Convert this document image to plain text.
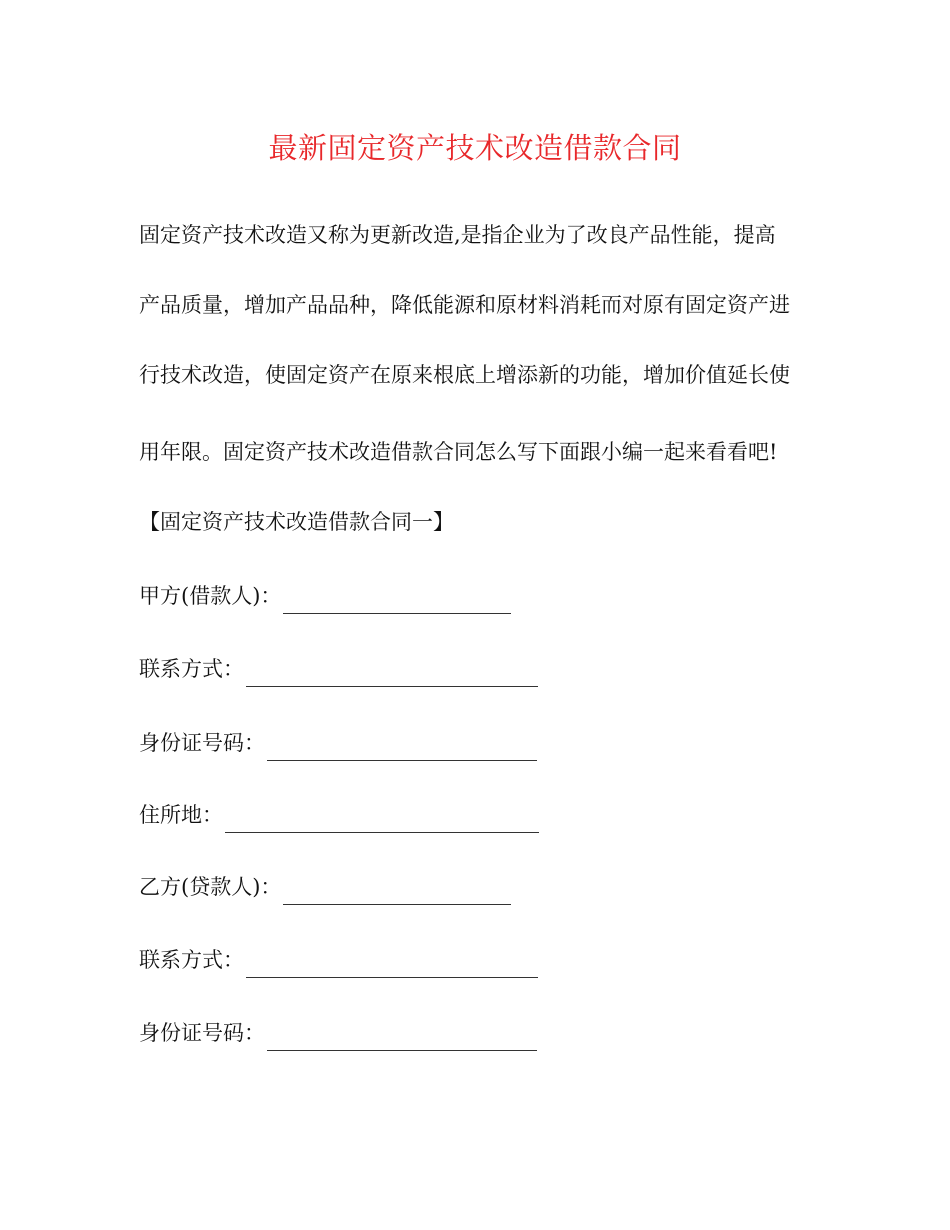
最新固定资产技术改造借款合同
固定资产技术改造又称为更新改造,是指企业为了改良产品性能，提高
产品质量，增加产品品种，降低能源和原材料消耗而对原有固定资产进
行技术改造，使固定资产在原来根底上增添新的功能，增加价值延长使
用年限。固定资产技术改造借款合同怎么写下面跟小编一起来看看吧!
【固定资产技术改造借款合同一】
甲方(借款人)：
联系方式：
身份证号码：
住所地：
乙方(贷款人)：
联系方式：
身份证号码：
